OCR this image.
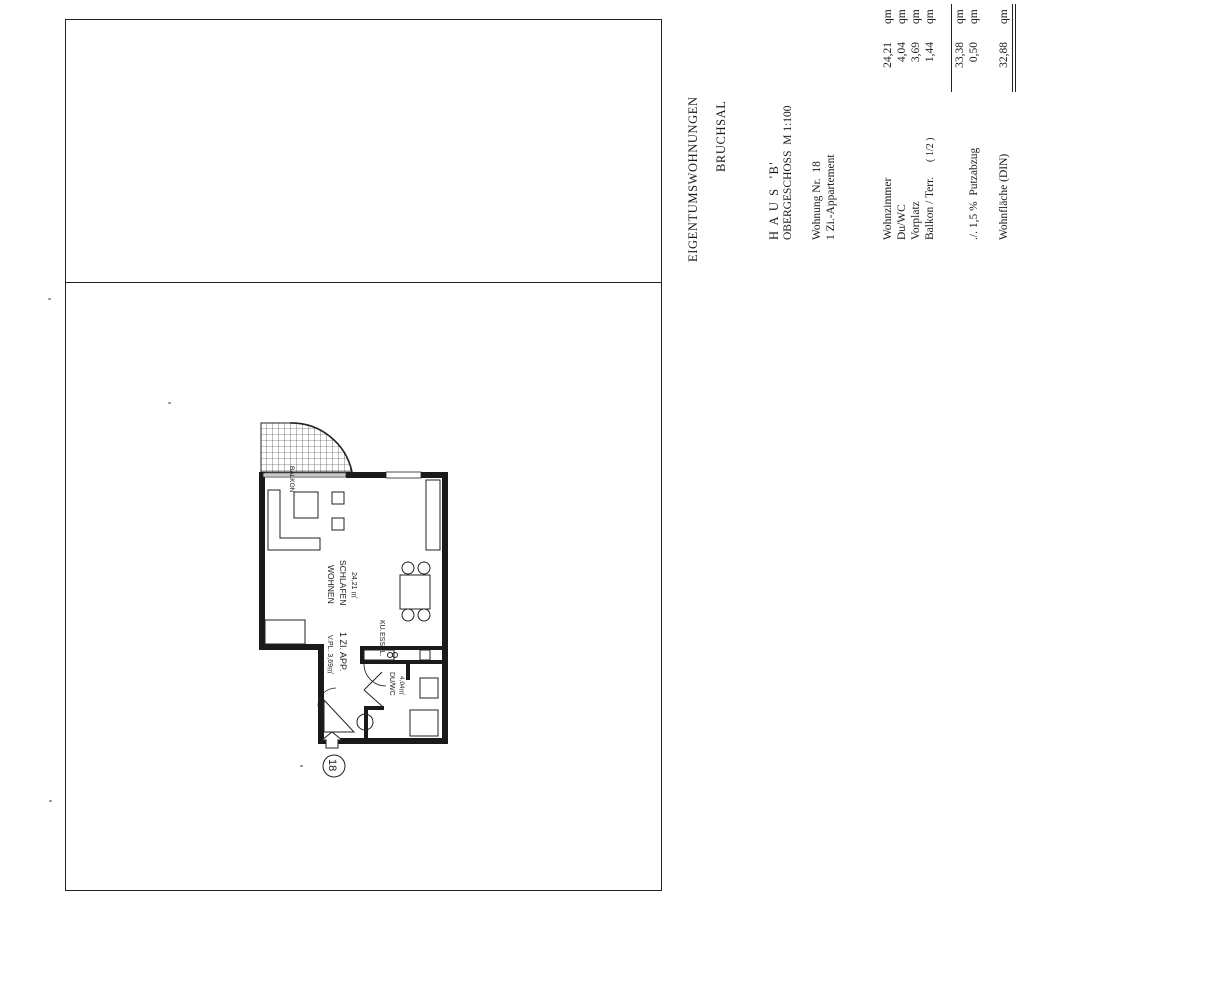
EIGENTUMSWOHNUNGEN BRUCHSAL
H A U S  'B' OBERGESCHOSS  M 1:100 Wohnung Nr.  18 1 Zi.-Appartement	Wohnzimmer
24,21
qm
Du/WC
4,04
qm
Vorplatz
3,69
qm
Balkon / Terr.
( 1/2 )
1,44
qm
33,38
qm
./. 1,5 %  Putzabzug
0,50
qm
Wohnfläche (DIN)
32,88
qm
BALKON
WOHNEN SCHLAFEN 24,21 ㎡
KU.
ESSPL.
V.PL. 3,69㎡ 1 ZI. APP.
DU/WC 4,04㎡
18
